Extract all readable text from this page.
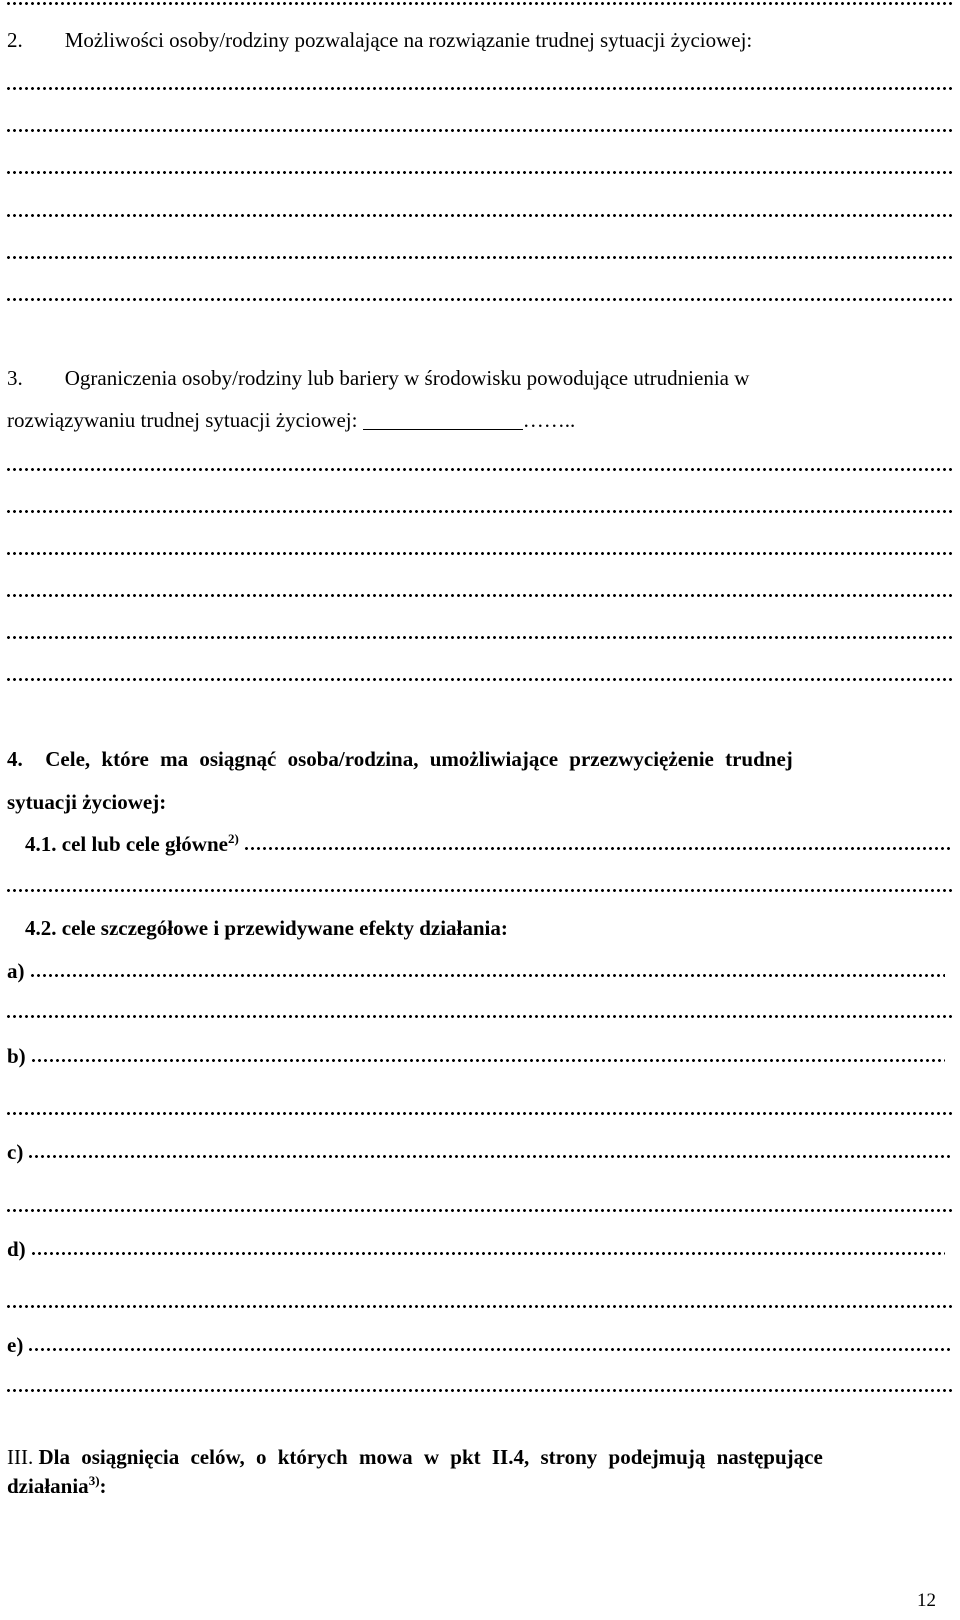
2.        Możliwości osoby/rodziny pozwalające na rozwiązanie trudnej sytuacji życiowej:
3.        Ograniczenia osoby/rodziny lub bariery w środowisku powodujące utrudnienia w
rozwiązywaniu trudnej sytuacji życiowej:	……..
4.  Cele, które ma osiągnąć osoba/rodzina, umożliwiające przezwyciężenie trudnej
sytuacji życiowej:
4.1. cel lub cele główne$^{2)}$
4.2. cele szczegółowe i przewidywane efekty działania:
a)
b)
c)
d)
e)
III. Dla osiągnięcia celów, o których mowa w pkt II.4, strony podejmują następujące
działania$^{3)}$:
12
